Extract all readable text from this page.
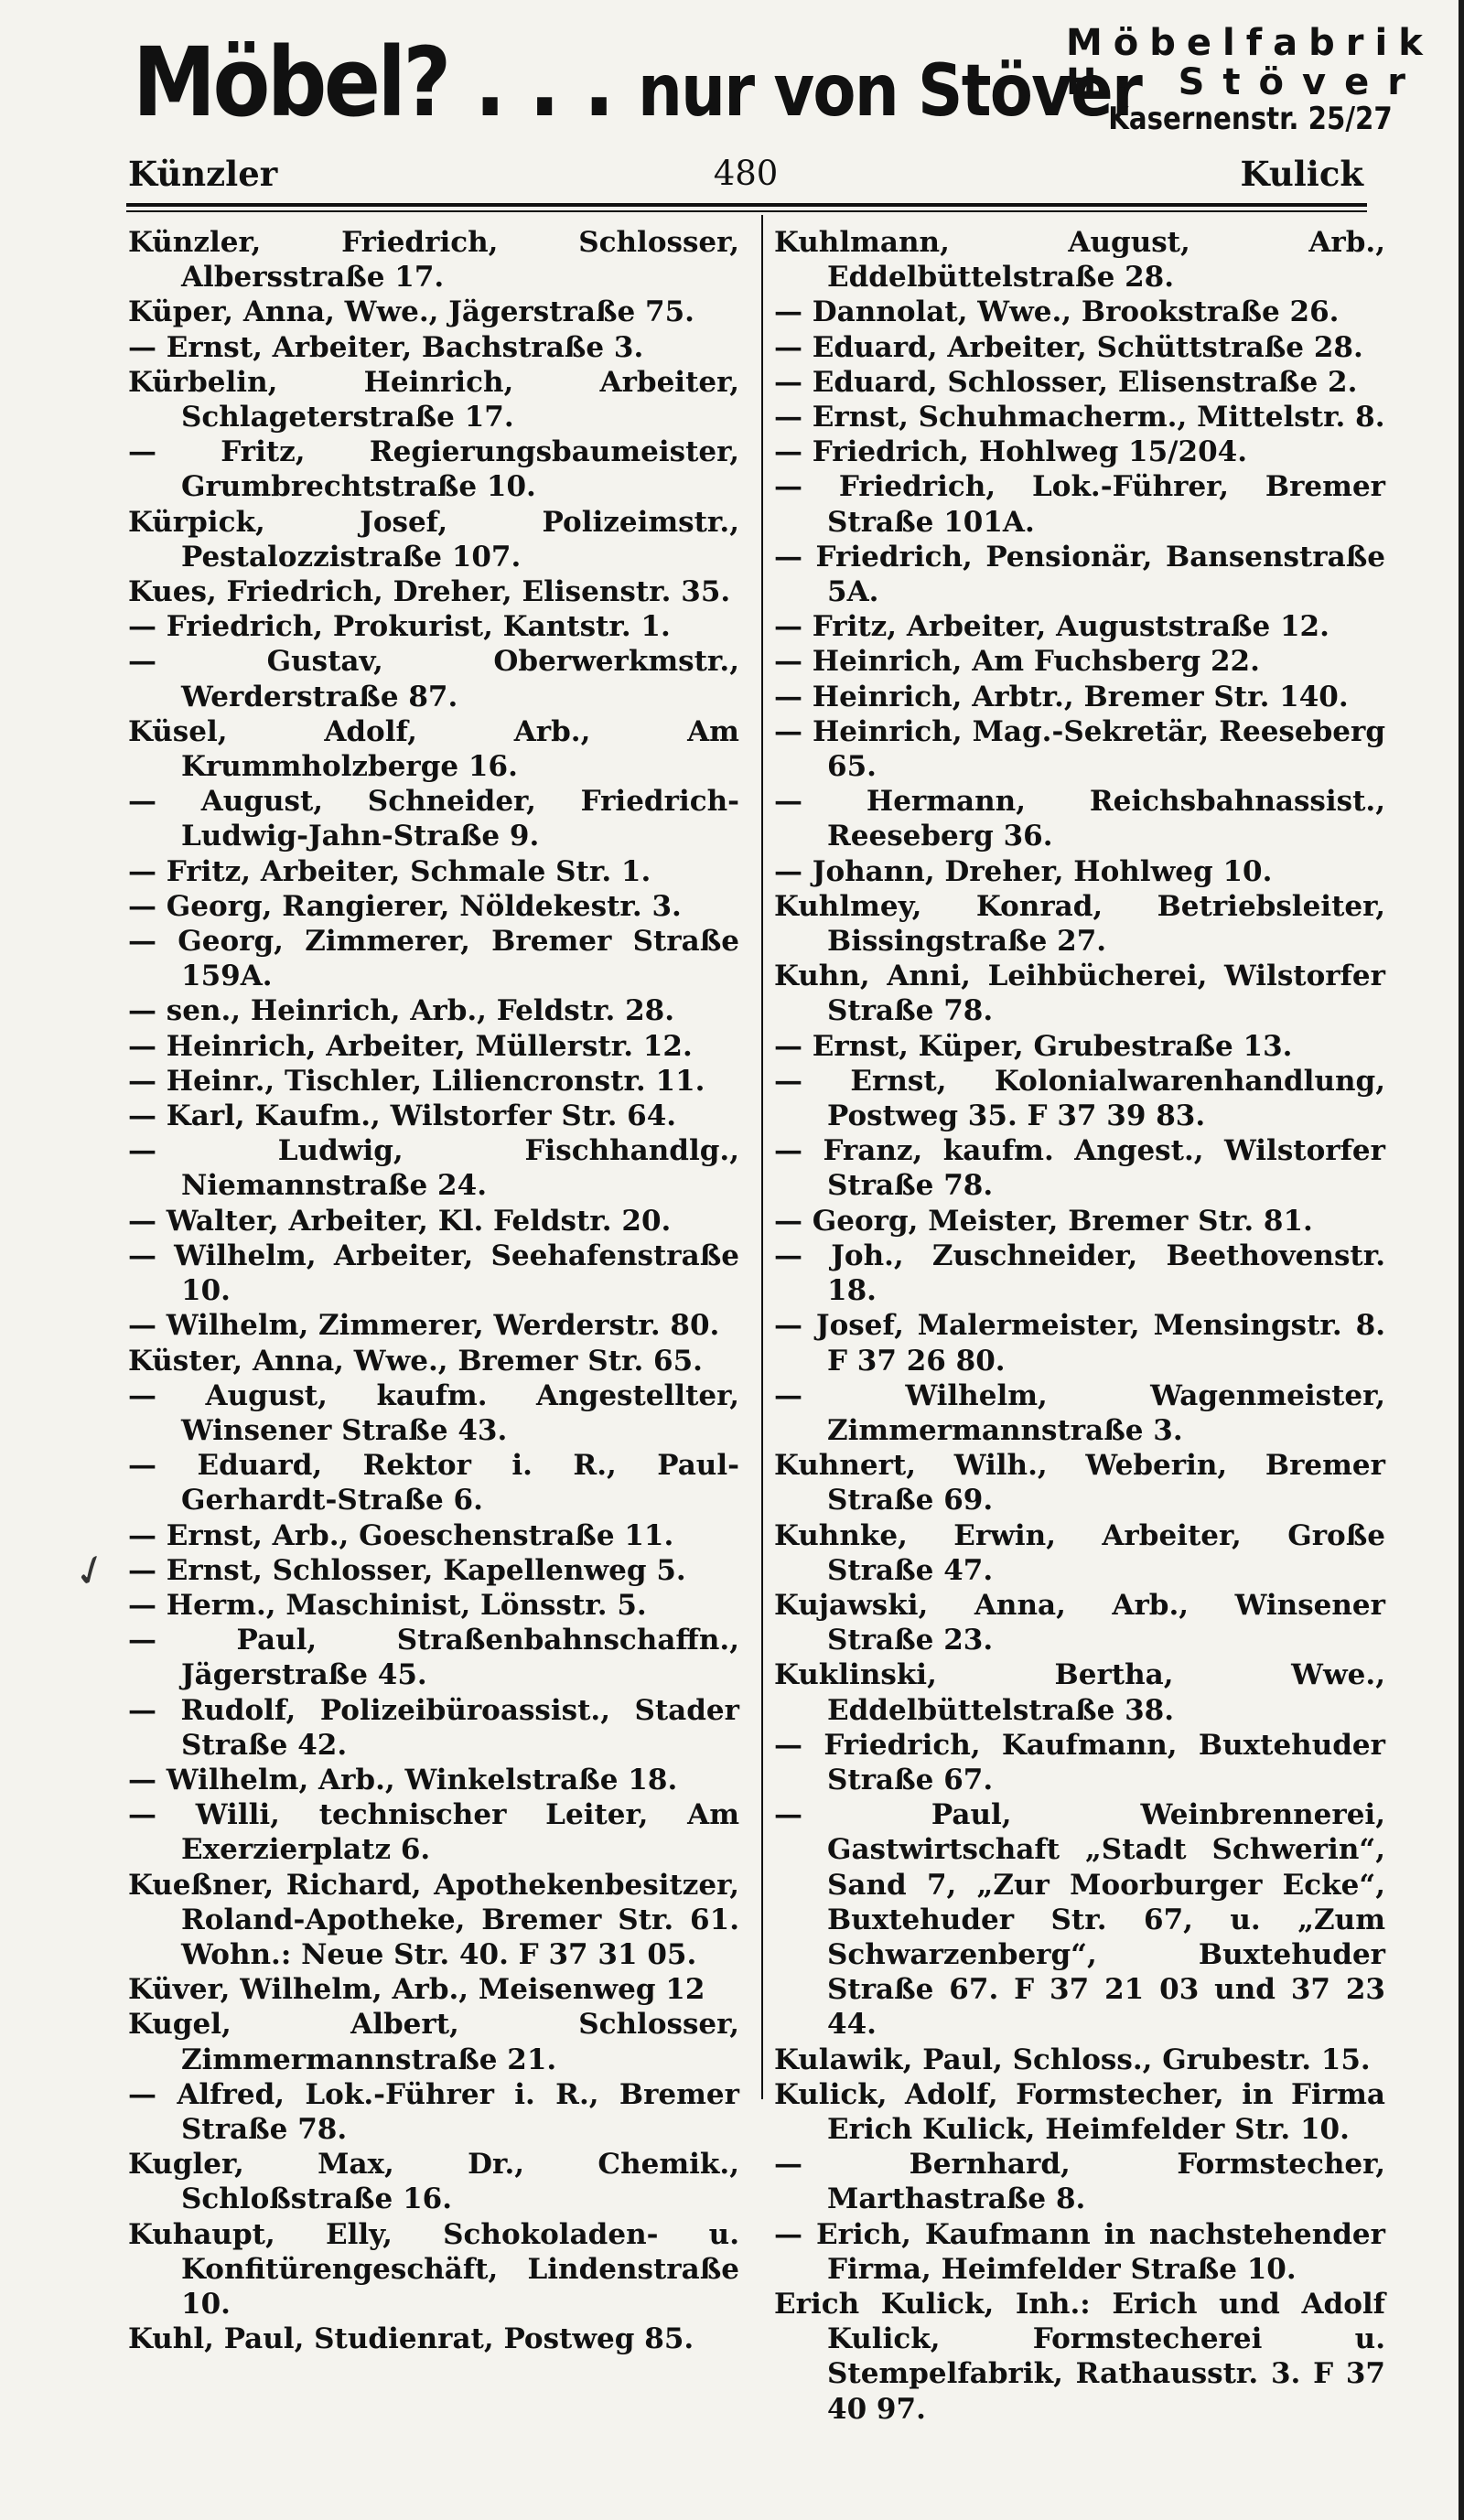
Möbel? . . . nur von Stöver
Möbelfabrik
H. Stöver
Kasernenstr. 25/27
Künzler	480	Kulick
Künzler, Friedrich, Schlosser, Albersstraße 17.
Küper, Anna, Wwe., Jägerstraße 75.
— Ernst, Arbeiter, Bachstraße 3.
Kürbelin, Heinrich, Arbeiter, Schlageterstraße 17.
— Fritz, Regierungsbaumeister, Grumbrechtstraße 10.
Kürpick, Josef, Polizeimstr., Pestalozzistraße 107.
Kues, Friedrich, Dreher, Elisenstr. 35.
— Friedrich, Prokurist, Kantstr. 1.
— Gustav, Oberwerkmstr., Werderstraße 87.
Küsel, Adolf, Arb., Am Krummholzberge 16.
— August, Schneider, Friedrich-Ludwig-Jahn-Straße 9.
— Fritz, Arbeiter, Schmale Str. 1.
— Georg, Rangierer, Nöldekestr. 3.
— Georg, Zimmerer, Bremer Straße 159A.
— sen., Heinrich, Arb., Feldstr. 28.
— Heinrich, Arbeiter, Müllerstr. 12.
— Heinr., Tischler, Liliencronstr. 11.
— Karl, Kaufm., Wilstorfer Str. 64.
— Ludwig, Fischhandlg., Niemannstraße 24.
— Walter, Arbeiter, Kl. Feldstr. 20.
— Wilhelm, Arbeiter, Seehafenstraße 10.
— Wilhelm, Zimmerer, Werderstr. 80.
Küster, Anna, Wwe., Bremer Str. 65.
— August, kaufm. Angestellter, Winsener Straße 43.
— Eduard, Rektor i. R., Paul-Gerhardt-Straße 6.
— Ernst, Arb., Goeschenstraße 11.
— Ernst, Schlosser, Kapellenweg 5.
— Herm., Maschinist, Lönsstr. 5.
— Paul, Straßenbahnschaffn., Jägerstraße 45.
— Rudolf, Polizeibüroassist., Stader Straße 42.
— Wilhelm, Arb., Winkelstraße 18.
— Willi, technischer Leiter, Am Exerzierplatz 6.
Kueßner, Richard, Apothekenbesitzer, Roland-Apotheke, Bremer Str. 61. Wohn.: Neue Str. 40. F 37 31 05.
Küver, Wilhelm, Arb., Meisenweg 12
Kugel, Albert, Schlosser, Zimmermannstraße 21.
— Alfred, Lok.-Führer i. R., Bremer Straße 78.
Kugler, Max, Dr., Chemik., Schloßstraße 16.
Kuhaupt, Elly, Schokoladen- u. Konfitürengeschäft, Lindenstraße 10.
Kuhl, Paul, Studienrat, Postweg 85.
Kuhlmann, August, Arb., Eddelbüttelstraße 28.
— Dannolat, Wwe., Brookstraße 26.
— Eduard, Arbeiter, Schüttstraße 28.
— Eduard, Schlosser, Elisenstraße 2.
— Ernst, Schuhmacherm., Mittelstr. 8.
— Friedrich, Hohlweg 15/204.
— Friedrich, Lok.-Führer, Bremer Straße 101A.
— Friedrich, Pensionär, Bansenstraße 5A.
— Fritz, Arbeiter, Auguststraße 12.
— Heinrich, Am Fuchsberg 22.
— Heinrich, Arbtr., Bremer Str. 140.
— Heinrich, Mag.-Sekretär, Reeseberg 65.
— Hermann, Reichsbahnassist., Reeseberg 36.
— Johann, Dreher, Hohlweg 10.
Kuhlmey, Konrad, Betriebsleiter, Bissingstraße 27.
Kuhn, Anni, Leihbücherei, Wilstorfer Straße 78.
— Ernst, Küper, Grubestraße 13.
— Ernst, Kolonialwarenhandlung, Postweg 35. F 37 39 83.
— Franz, kaufm. Angest., Wilstorfer Straße 78.
— Georg, Meister, Bremer Str. 81.
— Joh., Zuschneider, Beethovenstr. 18.
— Josef, Malermeister, Mensingstr. 8. F 37 26 80.
— Wilhelm, Wagenmeister, Zimmermannstraße 3.
Kuhnert, Wilh., Weberin, Bremer Straße 69.
Kuhnke, Erwin, Arbeiter, Große Straße 47.
Kujawski, Anna, Arb., Winsener Straße 23.
Kuklinski, Bertha, Wwe., Eddelbüttelstraße 38.
— Friedrich, Kaufmann, Buxtehuder Straße 67.
— Paul, Weinbrennerei, Gastwirtschaft „Stadt Schwerin“, Sand 7, „Zur Moorburger Ecke“, Buxtehuder Str. 67, u. „Zum Schwarzenberg“, Buxtehuder Straße 67. F 37 21 03 und 37 23 44.
Kulawik, Paul, Schloss., Grubestr. 15.
Kulick, Adolf, Formstecher, in Firma Erich Kulick, Heimfelder Str. 10.
— Bernhard, Formstecher, Marthastraße 8.
— Erich, Kaufmann in nachstehender Firma, Heimfelder Straße 10.
Erich Kulick, Inh.: Erich und Adolf Kulick, Formstecherei u. Stempelfabrik, Rathausstr. 3. F 37 40 97.
✓
